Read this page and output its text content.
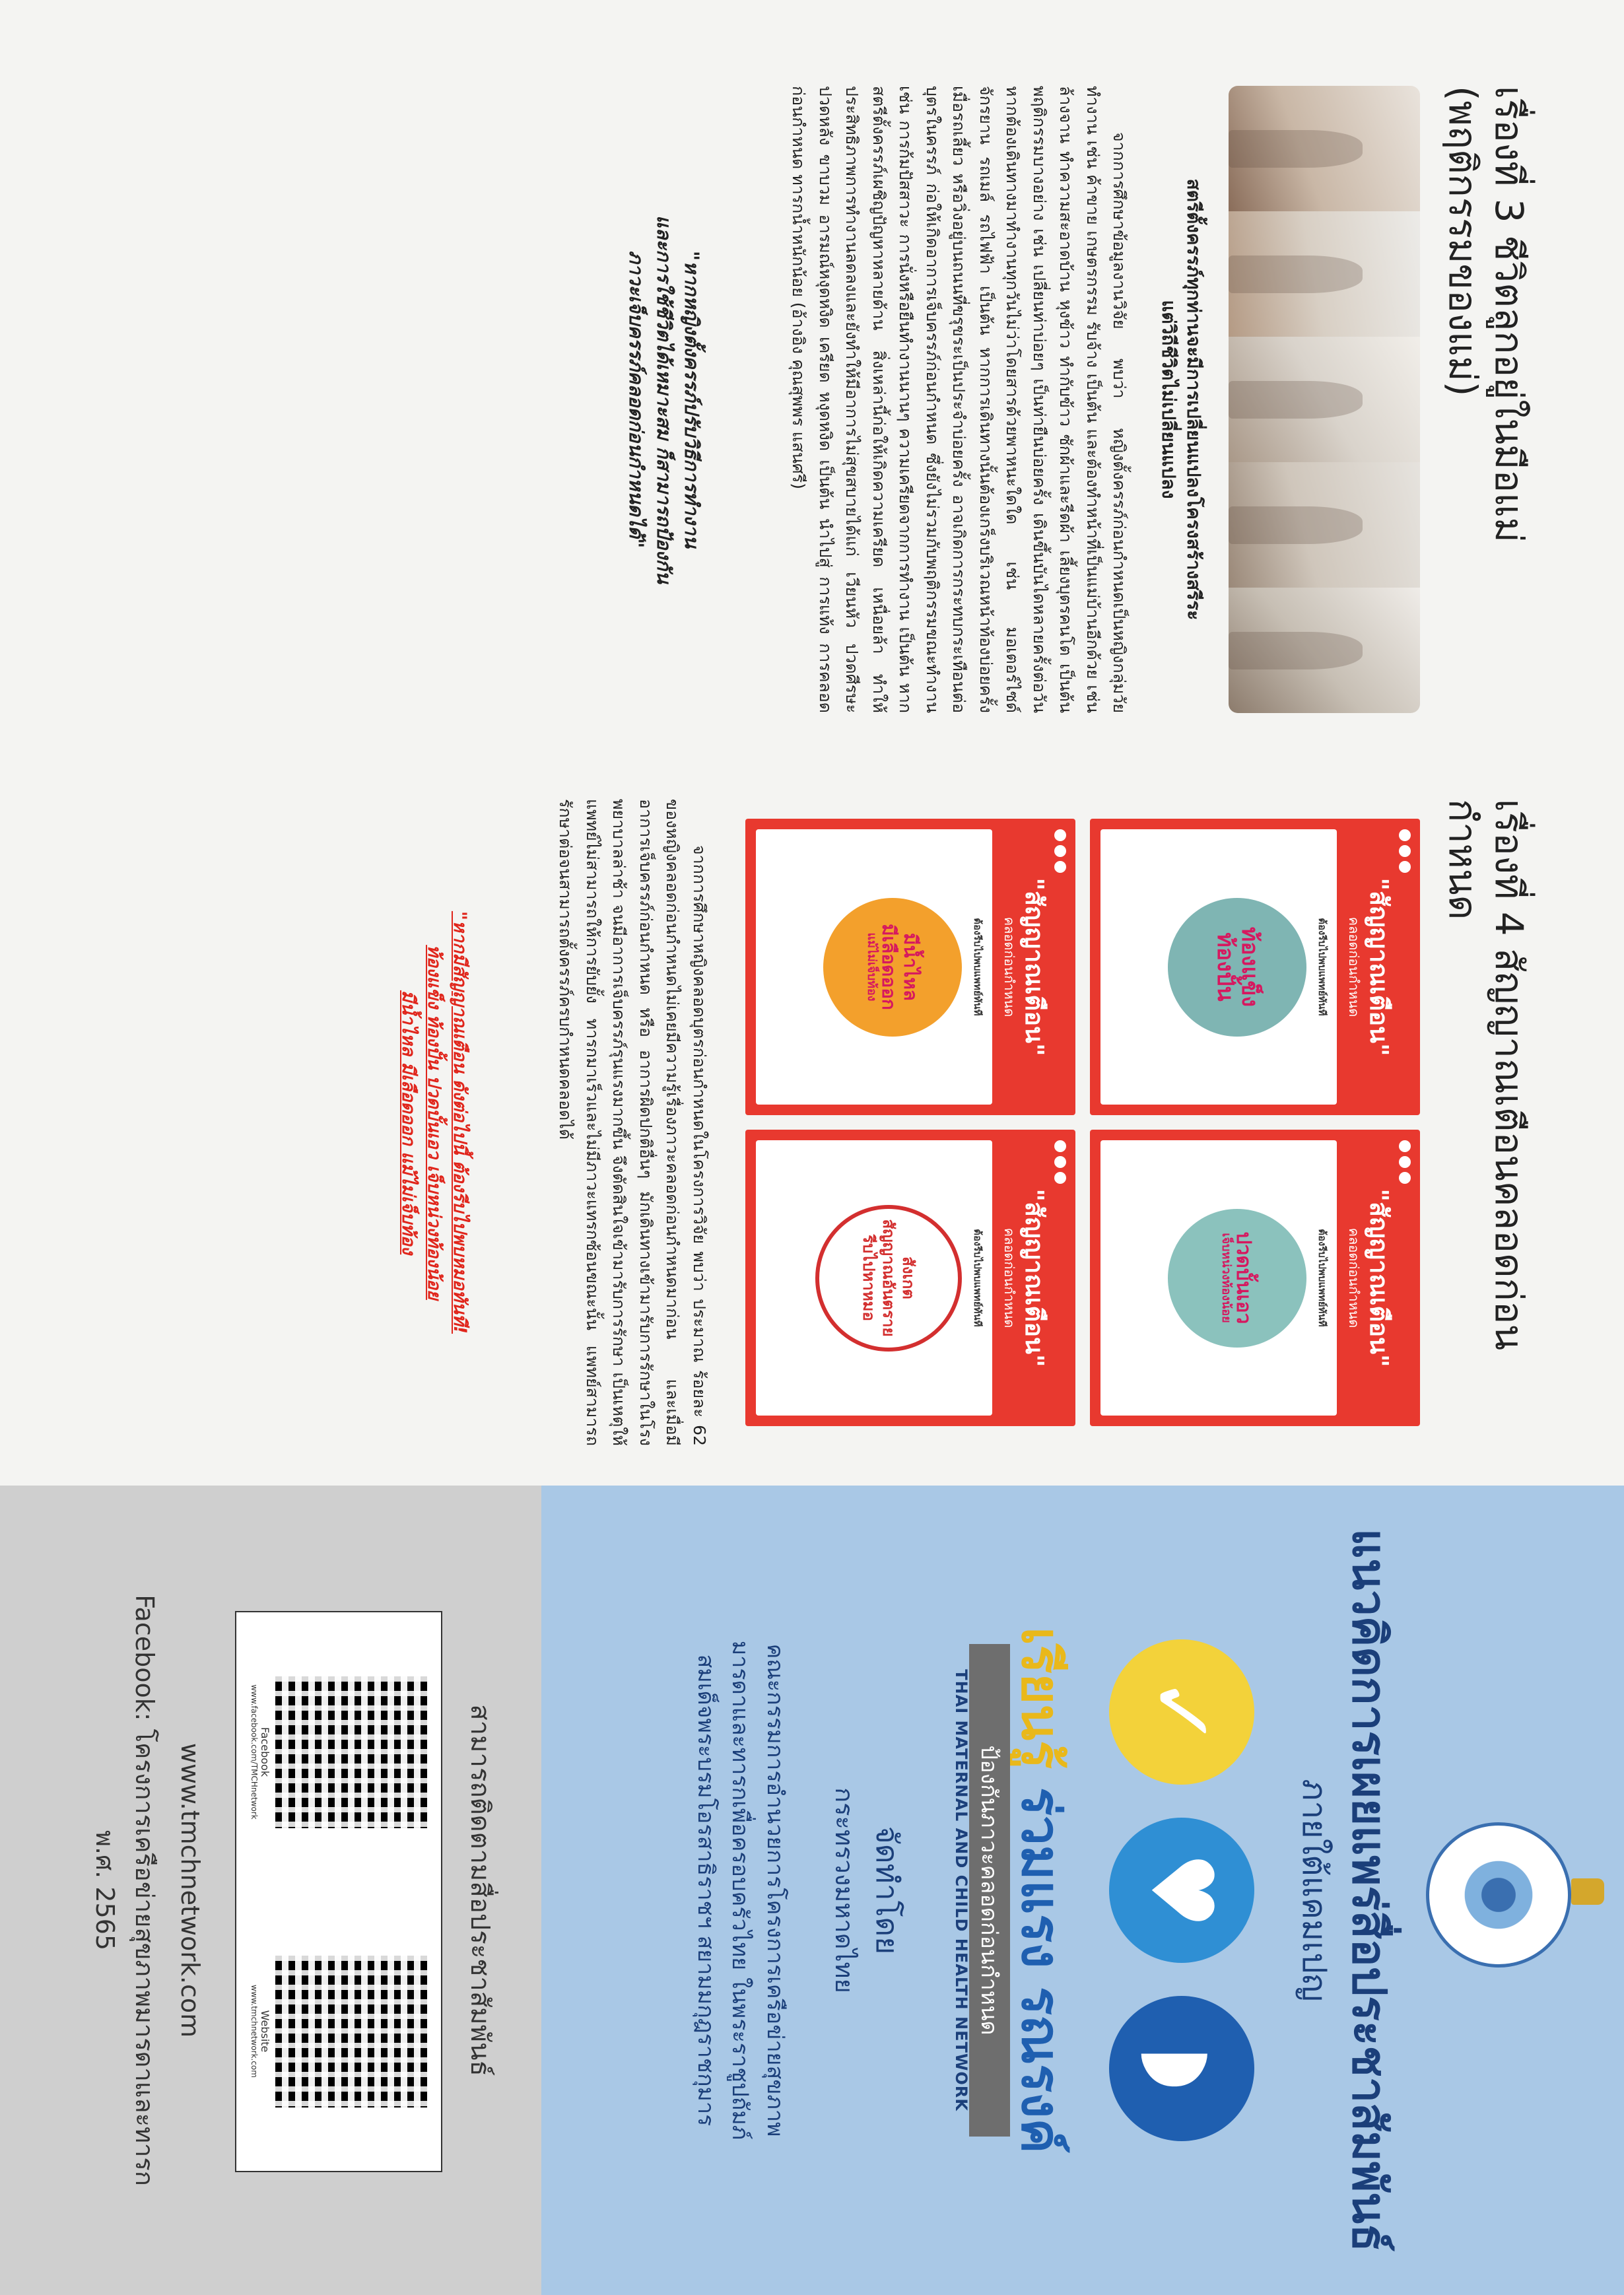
เรื่องที่ 3 ชีวิตลูกอยู่ในมือแม่ (พฤติกรรมของแม่)
สตรีตั้งครรภ์ทุกท่านจะมีการเปลี่ยนแปลงโครงสร้างสรีระ
แต่วิถีชีวิตไม่เปลี่ยนแปลง

จากการศึกษาข้อมูลงานวิจัย พบว่า หญิงตั้งครรภ์ก่อนกำหนดเป็นหญิงกลุ่มวัยทำงาน เช่น ค้าขาย เกษตรกรรม รับจ้าง เป็นต้น และต้องทำหน้าที่เป็นแม่บ้านอีกด้วย เช่น ล้างจาน ทำความสะอาดบ้าน หุงข้าว ทำกับข้าว ซักผ้าและรีดผ้า เลี้ยงบุตรคนโต เป็นต้น พฤติกรรมบางอย่าง เช่น เปลี่ยนท่าบ่อยๆ เป็นท่ายืนบ่อยครั้ง เดินขึ้นบันไดหลายครั้งต่อวัน หากต้องเดินทางมาทำงานทุกวันไม่ว่าโดยสารด้วยพาหนะใดใด เช่น มอเตอร์ไซด์ จักรยาน รถเมล์ รถไฟฟ้า เป็นต้น หากการเดินทางนั้นต้องเกร็งบริเวณหน้าท้องบ่อยครั้ง เมื่อรถเลี้ยว หรือวิ่งอยู่บนถนนที่ขรุขระเป็นประจำบ่อยครั้ง อาจเกิดการกระทบกระเทือนต่อบุตรในครรภ์ ก่อให้เกิดอาการเจ็บครรภ์ก่อนกำหนด ซึ่งยังไม่รวมกับพฤติกรรมขณะทำงาน เช่น การก้มปัสสาวะ การนั่งหรือยืนทำงานนานๆ ความเครียดจากการทำงาน เป็นต้น หากสตรีตั้งครรภ์เผชิญปัญหาหลายด้าน สิ่งเหล่านี้ก่อให้เกิดความเครียด เหนื่อยล้า ทำให้ประสิทธิภาพการทำงานลดลงและยังทำให้มีอาการไม่สุขสบายได้แก่ เวียนหัว ปวดศีรษะ ปวดหลัง ขาบวม อารมณ์หงุดหงิด เครียด หงุดหงิด เป็นต้น นำไปสู่ การแท้ง การคลอดก่อนกำหนด ทารกน้ำหนักน้อย (อ้างอิง คุณสุพพร แสนศรี)

"หากหญิงตั้งครรภ์ปรับวิธีการทำงาน
และการใช้ชีวิตได้เหมาะสม ก็สามารถป้องกัน
ภาวะเจ็บครรภ์คลอดก่อนกำหนดได้"
เรื่องที่ 4 สัญญาณเตือนคลอดก่อนกำหนด
"สัญญาณเตือน"
คลอดก่อนกำหนด
ต้องรีบไปพบแพทย์ทันที
ท้องแข็ง
ท้องปั้น
"สัญญาณเตือน"
คลอดก่อนกำหนด
ต้องรีบไปพบแพทย์ทันที
ปวดบั้นเอว
เจ็บหน่วงท้องน้อย
"สัญญาณเตือน"
คลอดก่อนกำหนด
ต้องรีบไปพบแพทย์ทันที
มีน้ำไหล
มีเลือดออก
แม้ไม่เจ็บท้อง
"สัญญาณเตือน"
คลอดก่อนกำหนด
ต้องรีบไปพบแพทย์ทันที
สังเกต
สัญญาณอันตราย
รีบไปหาหมอ

จากการศึกษาหญิงคลอดบุตรก่อนกำหนดในโครงการวิจัย พบว่า ประมาณ ร้อยละ 62 ของหญิงคลอดก่อนกำหนดไม่เคยมีความรู้เรื่องภาวะคลอดก่อนกำหนดมาก่อน และเมื่อมีอาการเจ็บครรภ์ก่อนกำหนด หรือ อาการผิดปกติอื่นๆ มักเดินทางเข้ามารับการรักษาในโรงพยาบาลล่าช้า จนมีอาการเจ็บครรภ์รุนแรงมากขึ้น จึงตัดสินใจเข้ามารับการรักษา เป็นเหตุให้แพทย์ไม่สามารถให้การยับยั้ง ทารกมาเร็วและไม่มีภาวะแทรกซ้อนขณะนั้น แพทย์สามารถรักษาต่อจนสามารถตั้งครรภ์ครบกำหนดคลอดได้

"หากมีสัญญาณเตือน ดังต่อไปนี้ ต้องรีบไปพบหมอทันที!
ท้องแข็ง ท้องปั้น ปวดบั้นเอว เจ็บหน่วงท้องน้อย
มีน้ำไหล มีเลือดออก แม้ไม่เจ็บท้อง
แนวคิดการเผยแพร่สื่อประชาสัมพันธ์
ภายใต้แคมเปญ
✓
♥
◗
เรียนรู้ ร่วมแรง รณรงค์
ป้องกันภาวะคลอดก่อนกำหนด
THAI MATERNAL AND CHILD HEALTH NETWORK
จัดทำโดย
กระทรวงมหาดไทย
คณะกรรมการอำนวยการโครงการเครือข่ายสุขภาพ
มารดาและทารกเพื่อครอบครัวไทย ในพระราชูปถัมภ์
สมเด็จพระบรมโอรสาธิราชฯ สยามมกุฎราชกุมาร
สามารถติดตามสื่อประชาสัมพันธ์
Facebook
www.facebook.com/TMCHnetwork
Website
www.tmchnetwork.com
www.tmchnetwork.com
Facebook: โครงการเครือข่ายสุขภาพมารดาและทารก
พ.ศ. 2565
